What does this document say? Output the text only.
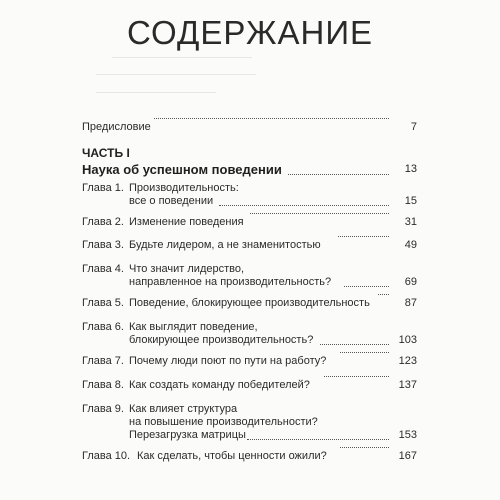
СОДЕРЖАНИЕ
Предисловие	7
ЧАСТЬ I
Наука об успешном поведении	13
Глава 1. Производительность:
все о поведении	15
Глава 2. Изменение поведения	31
Глава 3. Будьте лидером, а не знаменитостью	49
Глава 4. Что значит лидерство,
направленное на производительность?	69
Глава 5. Поведение, блокирующее производительность	87
Глава 6. Как выглядит поведение,
блокирующее производительность?	103
Глава 7. Почему люди поют по пути на работу?	123
Глава 8. Как создать команду победителей?	137
Глава 9. Как влияет структура
на повышение производительности?
Перезагрузка матрицы	153
Глава 10. Как сделать, чтобы ценности ожили?	167
